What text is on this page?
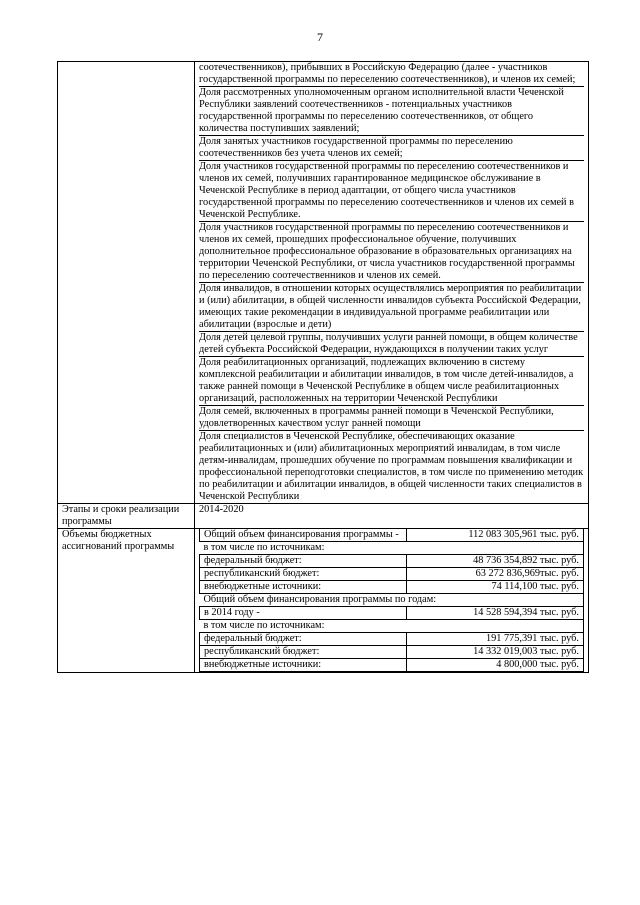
7

соотечественников), прибывших в Российскую Федерацию (далее - участников государственной программы по переселению соотечественников), и членов их семей;
Доля рассмотренных уполномоченным органом исполнительной власти Чеченской Республики заявлений соотечественников - потенциальных участников государственной программы по переселению соотечественников, от общего количества поступивших заявлений;
Доля занятых участников государственной программы по переселению соотечественников без учета членов их семей;
Доля участников государственной программы по переселению соотечественников и членов их семей, получивших гарантированное медицинское обслуживание в Чеченской Республике в период адаптации, от общего числа участников государственной программы по переселению соотечественников и членов их семей в Чеченской Республике.
Доля участников государственной программы по переселению соотечественников и членов их семей, прошедших профессиональное обучение, получивших дополнительное профессиональное образование в образовательных организациях на территории Чеченской Республики, от числа участников государственной программы по переселению соотечественников и членов их семей.
Доля инвалидов, в отношении которых осуществлялись мероприятия по реабилитации и (или) абилитации, в общей численности инвалидов субъекта Российской Федерации, имеющих такие рекомендации в индивидуальной программе реабилитации или абилитации (взрослые и дети)
Доля детей целевой группы, получивших услуги ранней помощи, в общем количестве детей субъекта Российской Федерации, нуждающихся в получении таких услуг
Доля реабилитационных организаций, подлежащих включению в систему комплексной реабилитации и абилитации инвалидов, в том числе детей-инвалидов, а также ранней помощи в Чеченской Республике в общем числе реабилитационных организаций, расположенных на территории Чеченской Республики
Доля семей, включенных в программы ранней помощи в Чеченской Республики, удовлетворенных качеством услуг ранней помощи
Доля специалистов в Чеченской Республике, обеспечивающих оказание реабилитационных и (или) абилитационных мероприятий инвалидам, в том числе детям-инвалидам, прошедших обучение по программам повышения квалификации и профессиональной переподготовки специалистов, в том числе по применению методик по реабилитации и абилитации инвалидов, в общей численности таких специалистов в Чеченской Республики

Этапы и сроки реализации программы	2014-2020
Объемы бюджетных ассигнований программы	
Общий объем финансирования программы -	112 083 305,961 тыс. руб.
в том числе по источникам:
федеральный бюджет:	48 736 354,892 тыс. руб.
республиканский бюджет:	63 272 836,969тыс. руб.
внебюджетные источники:	74 114,100 тыс. руб.
Общий объем финансирования программы по годам:
в 2014 году -	14 528 594,394 тыс. руб.
в том числе по источникам:
федеральный бюджет:	191 775,391 тыс. руб.
республиканский бюджет:	14 332 019,003 тыс. руб.
внебюджетные источники:	4 800,000 тыс. руб.
